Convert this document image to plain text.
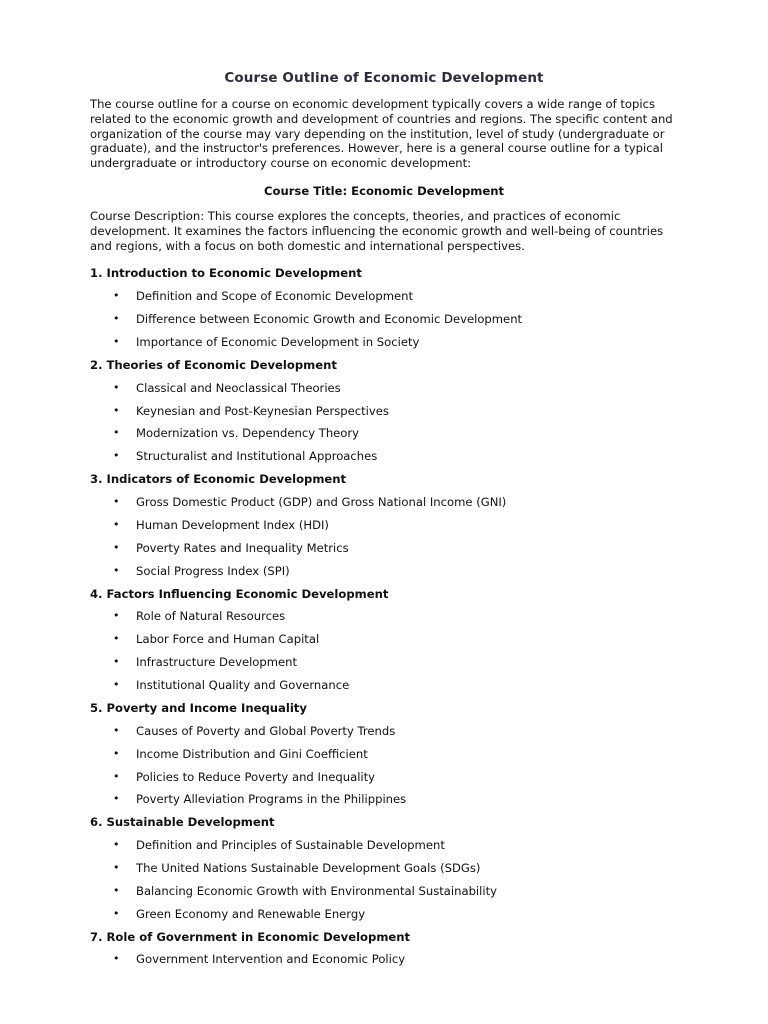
Course Outline of Economic Development

The course outline for a course on economic development typically covers a wide range of topics related to the economic growth and development of countries and regions. The specific content and organization of the course may vary depending on the institution, level of study (undergraduate or graduate), and the instructor's preferences. However, here is a general course outline for a typical undergraduate or introductory course on economic development:

Course Title: Economic Development

Course Description: This course explores the concepts, theories, and practices of economic development. It examines the factors influencing the economic growth and well-being of countries and regions, with a focus on both domestic and international perspectives.

1. Introduction to Economic Development
• Definition and Scope of Economic Development
• Difference between Economic Growth and Economic Development
• Importance of Economic Development in Society
2. Theories of Economic Development
• Classical and Neoclassical Theories
• Keynesian and Post-Keynesian Perspectives
• Modernization vs. Dependency Theory
• Structuralist and Institutional Approaches
3. Indicators of Economic Development
• Gross Domestic Product (GDP) and Gross National Income (GNI)
• Human Development Index (HDI)
• Poverty Rates and Inequality Metrics
• Social Progress Index (SPI)
4. Factors Influencing Economic Development
• Role of Natural Resources
• Labor Force and Human Capital
• Infrastructure Development
• Institutional Quality and Governance
5. Poverty and Income Inequality
• Causes of Poverty and Global Poverty Trends
• Income Distribution and Gini Coefficient
• Policies to Reduce Poverty and Inequality
• Poverty Alleviation Programs in the Philippines
6. Sustainable Development
• Definition and Principles of Sustainable Development
• The United Nations Sustainable Development Goals (SDGs)
• Balancing Economic Growth with Environmental Sustainability
• Green Economy and Renewable Energy
7. Role of Government in Economic Development
• Government Intervention and Economic Policy
